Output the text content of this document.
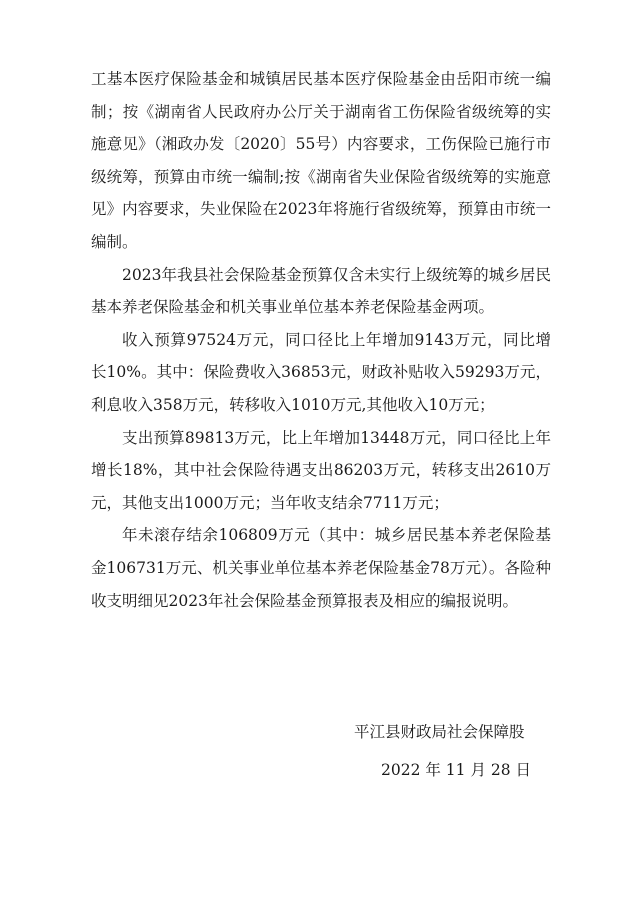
工基本医疗保险基金和城镇居民基本医疗保险基金由岳阳市统一编制；按《湖南省人民政府办公厅关于湖南省工伤保险省级统筹的实施意见》（湘政办发〔2020〕55号）内容要求，工伤保险已施行市级统筹，预算由市统一编制;按《湖南省失业保险省级统筹的实施意见》内容要求，失业保险在2023年将施行省级统筹，预算由市统一编制。

2023年我县社会保险基金预算仅含未实行上级统筹的城乡居民基本养老保险基金和机关事业单位基本养老保险基金两项。

收入预算97524万元，同口径比上年增加9143万元，同比增长10%。其中：保险费收入36853元，财政补贴收入59293万元，利息收入358万元，转移收入1010万元,其他收入10万元；

支出预算89813万元，比上年增加13448万元，同口径比上年增长18%，其中社会保险待遇支出86203万元，转移支出2610万元，其他支出1000万元；当年收支结余7711万元；

年未滚存结余106809万元（其中：城乡居民基本养老保险基金106731万元、机关事业单位基本养老保险基金78万元）。各险种收支明细见2023年社会保险基金预算报表及相应的编报说明。

平江县财政局社会保障股
2022 年 11 月 28 日
